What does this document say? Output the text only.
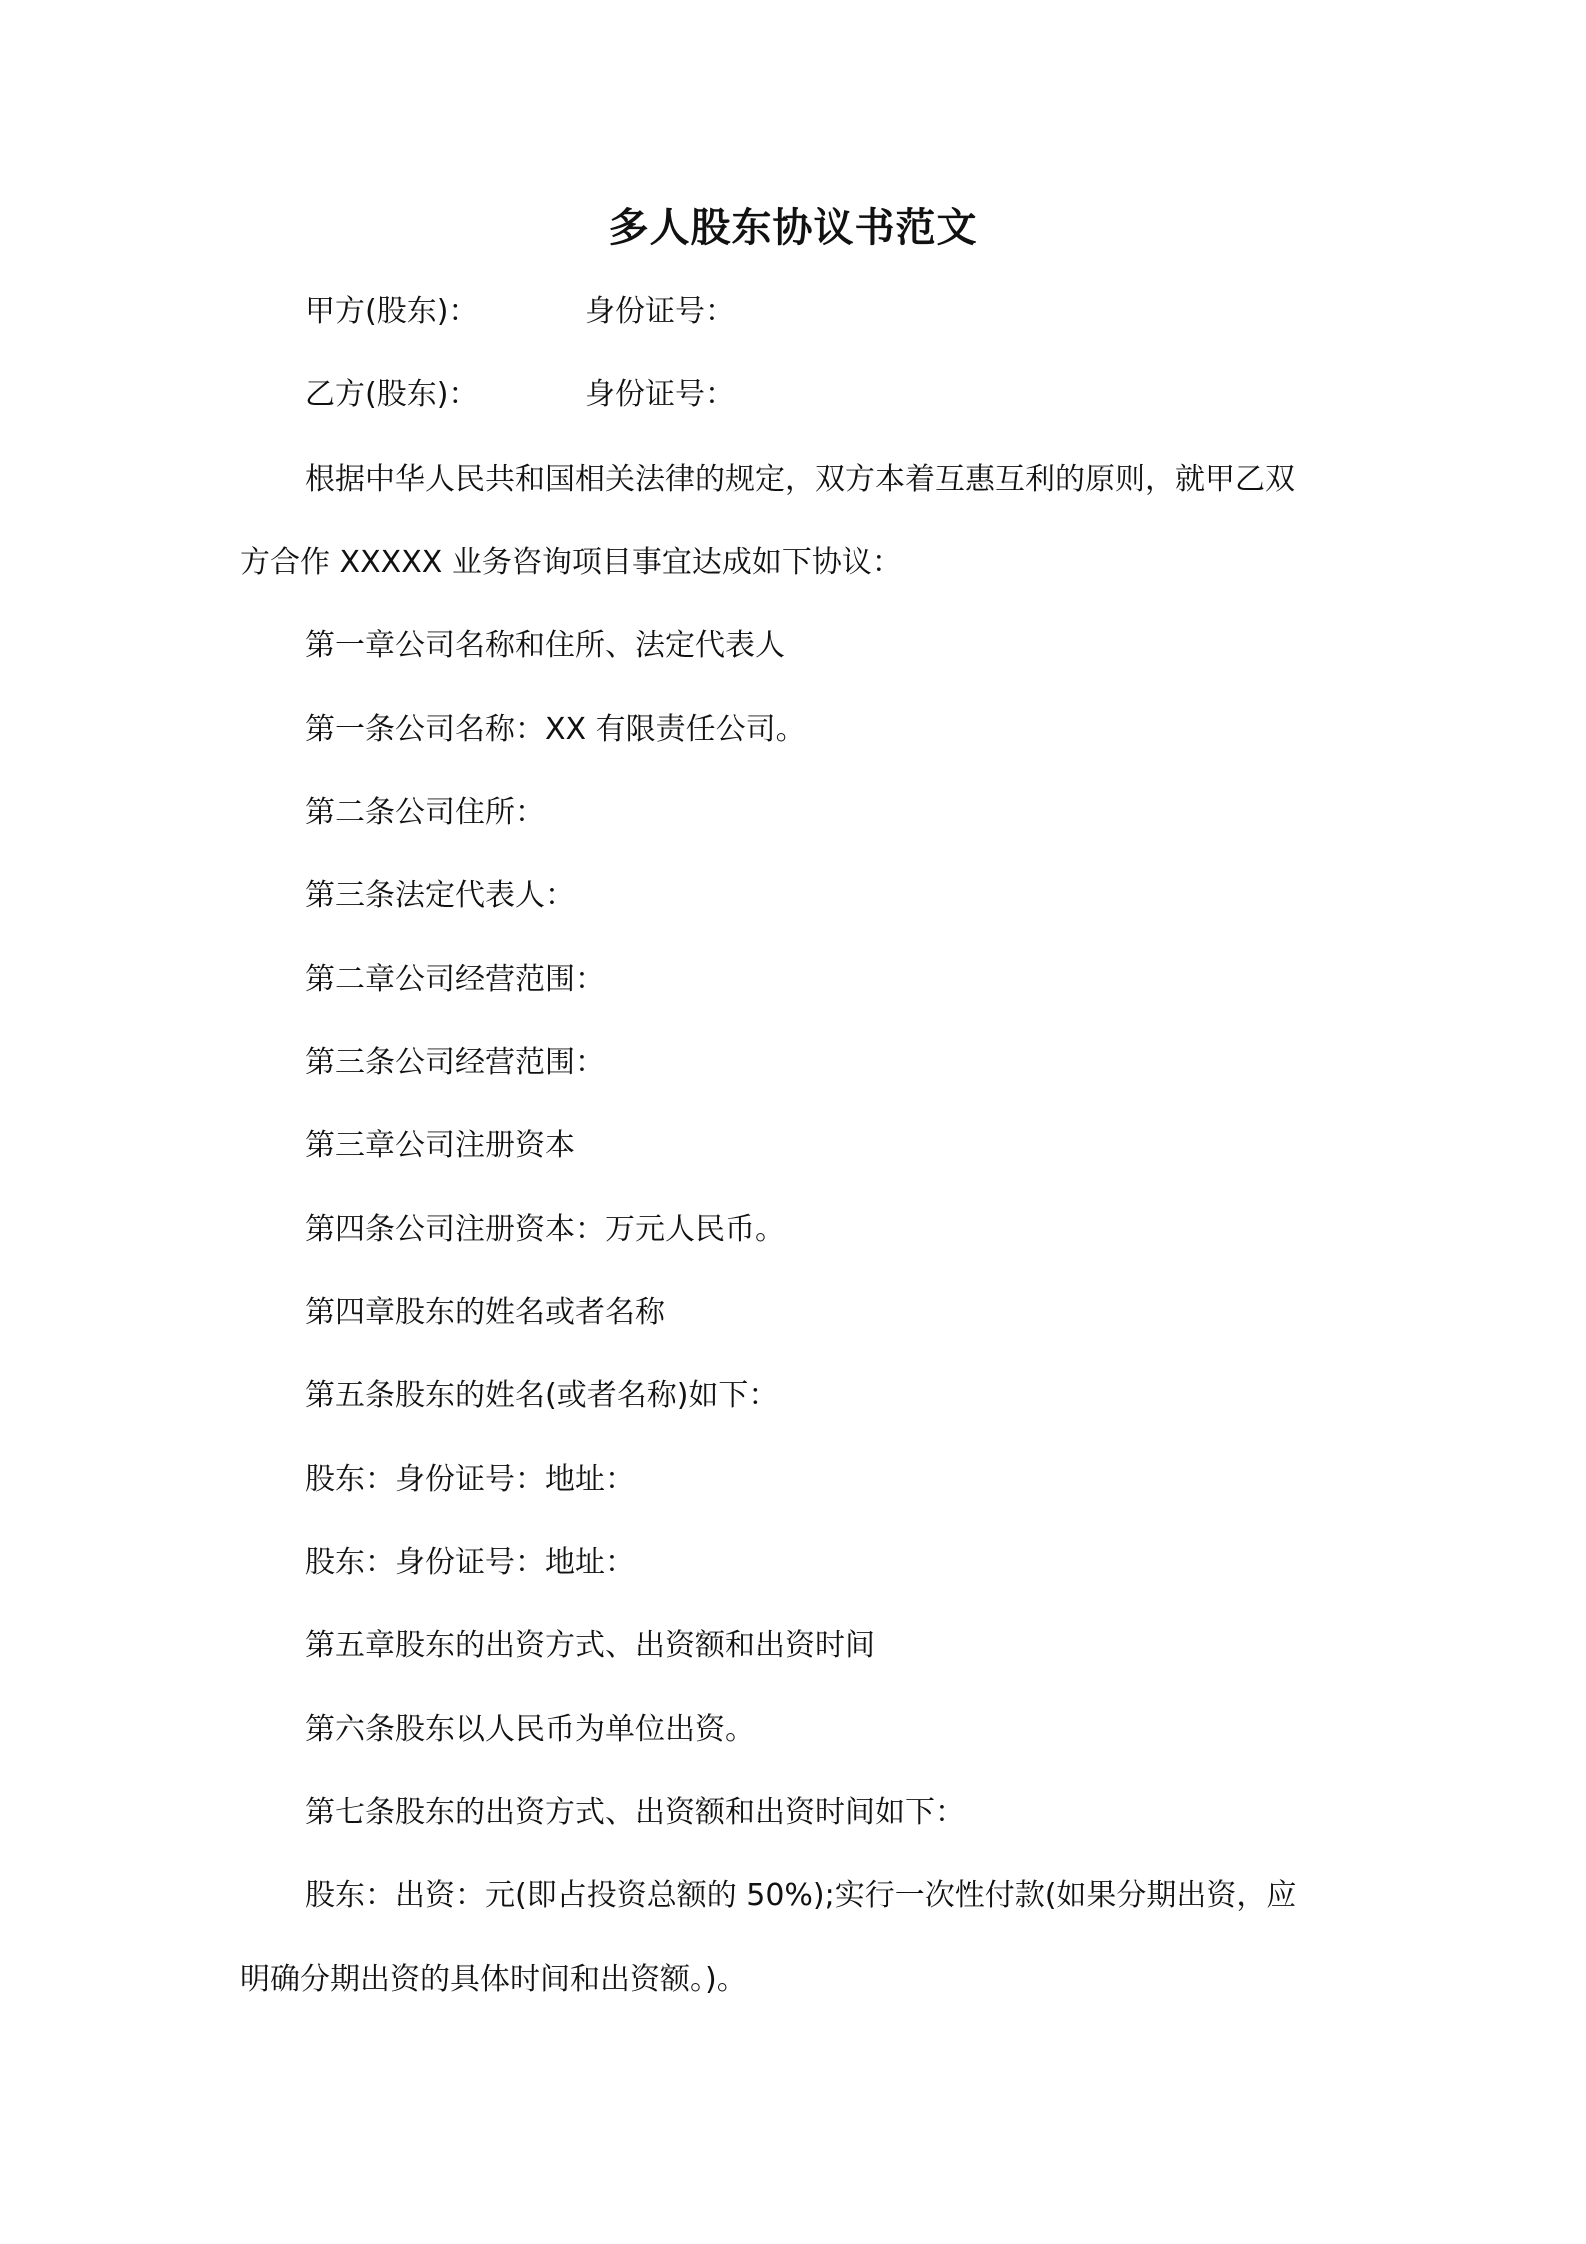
多人股东协议书范文
甲方(股东)：	身份证号：
乙方(股东)：	身份证号：
根据中华人民共和国相关法律的规定，双方本着互惠互利的原则，就甲乙双
方合作 XXXXX 业务咨询项目事宜达成如下协议：
第一章公司名称和住所、法定代表人
第一条公司名称：XX 有限责任公司。
第二条公司住所：
第三条法定代表人：
第二章公司经营范围：
第三条公司经营范围：
第三章公司注册资本
第四条公司注册资本：万元人民币。
第四章股东的姓名或者名称
第五条股东的姓名(或者名称)如下：
股东：身份证号：地址：
股东：身份证号：地址：
第五章股东的出资方式、出资额和出资时间
第六条股东以人民币为单位出资。
第七条股东的出资方式、出资额和出资时间如下：
股东：出资：元(即占投资总额的 50%);实行一次性付款(如果分期出资，应
明确分期出资的具体时间和出资额。)。
